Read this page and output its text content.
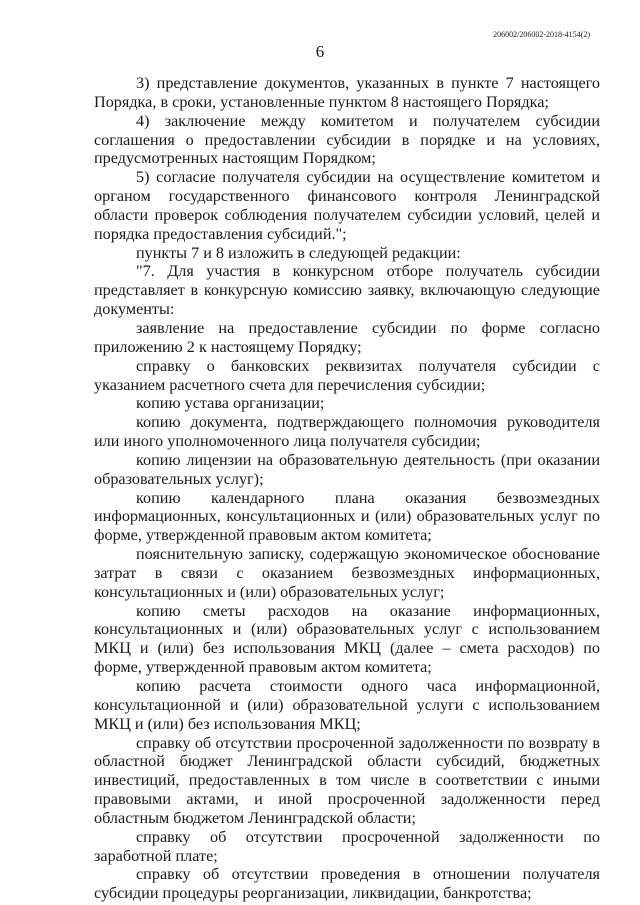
206002/206002-2018-4154(2)
6

3) представление документов, указанных в пункте 7 настоящего Порядка, в сроки, установленные пунктом 8 настоящего Порядка;

4) заключение между комитетом и получателем субсидии соглашения о предоставлении субсидии в порядке и на условиях, предусмотренных настоящим Порядком;

5) согласие получателя субсидии на осуществление комитетом и органом государственного финансового контроля Ленинградской области проверок соблюдения получателем субсидии условий, целей и порядка предоставления субсидий.";

пункты 7 и 8 изложить в следующей редакции:

"7. Для участия в конкурсном отборе получатель субсидии представляет в конкурсную комиссию заявку, включающую следующие документы:

заявление на предоставление субсидии по форме согласно приложению 2 к настоящему Порядку;

справку о банковских реквизитах получателя субсидии с указанием расчетного счета для перечисления субсидии;

копию устава организации;

копию документа, подтверждающего полномочия руководителя или иного уполномоченного лица получателя субсидии;

копию лицензии на образовательную деятельность (при оказании образовательных услуг);

копию календарного плана оказания безвозмездных информационных, консультационных и (или) образовательных услуг по форме, утвержденной правовым актом комитета;

пояснительную записку, содержащую экономическое обоснование затрат в связи с оказанием безвозмездных информационных, консультационных и (или) образовательных услуг;

копию сметы расходов на оказание информационных, консультационных и (или) образовательных услуг с использованием МКЦ и (или) без использования МКЦ (далее – смета расходов) по форме, утвержденной правовым актом комитета;

копию расчета стоимости одного часа информационной, консультационной и (или) образовательной услуги с использованием МКЦ и (или) без использования МКЦ;

справку об отсутствии просроченной задолженности по возврату в областной бюджет Ленинградской области субсидий, бюджетных инвестиций, предоставленных в том числе в соответствии с иными правовыми актами, и иной просроченной задолженности перед областным бюджетом Ленинградской области;

справку об отсутствии просроченной задолженности по заработной плате;

справку об отсутствии проведения в отношении получателя субсидии процедуры реорганизации, ликвидации, банкротства;
